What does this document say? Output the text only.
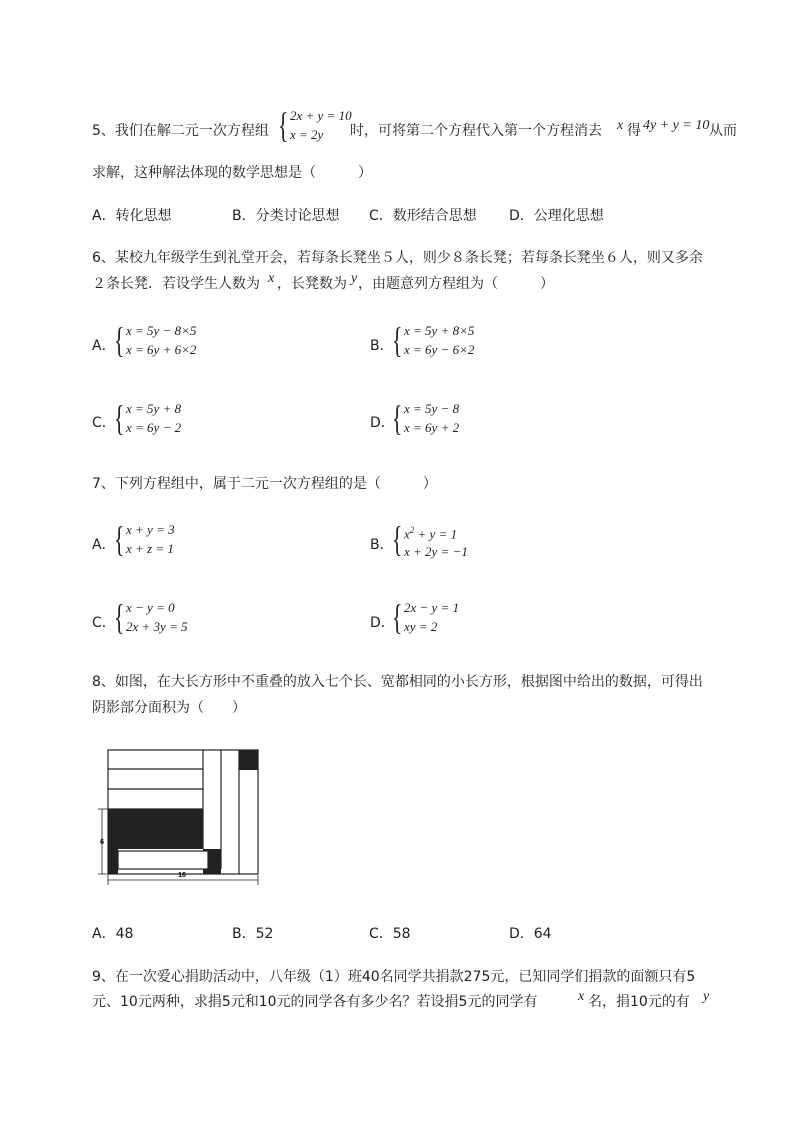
5、我们在解二元一次方程组 { 2x + y = 10
x = 2y	时，可将第二个方程代入第一个方程消去 x 得 4y + y = 10 从而
求解，这种解法体现的数学思想是（　　　）
A．转化思想	B．分类讨论思想 C．数形结合思想 D．公理化思想
6、某校九年级学生到礼堂开会，若每条长凳坐５人，则少８条长凳；若每条长凳坐６人，则又多余
２条长凳．若设学生人数为 x ，长凳数为 y ，由题意列方程组为（　　　）
A．
{ x = 5y − 8×5
x = 6y + 6×2	B．
{ x = 5y + 8×5
x = 6y − 6×2
C．
{ x = 5y + 8
x = 6y − 2	D．
{ x = 5y − 8
x = 6y + 2
7、下列方程组中，属于二元一次方程组的是（　　　）
A．
{ x + y = 3
x + z = 1	B．
{ $x^2 + y = 1$
x + 2y = −1
C．
{ x − y = 0
2x + 3y = 5	D．
{ 2x − y = 1
xy = 2
8、如图，在大长方形中不重叠的放入七个长、宽都相同的小长方形，根据图中给出的数据，可得出
阴影部分面积为（　　）
6
16
A．48	B．52	C．58	D．64
9、在一次爱心捐助活动中，八年级（1）班40名同学共捐款275元，已知同学们捐款的面额只有5
元、10元两种，求捐5元和10元的同学各有多少名？若设捐5元的同学有	x 名，捐10元的有 y
